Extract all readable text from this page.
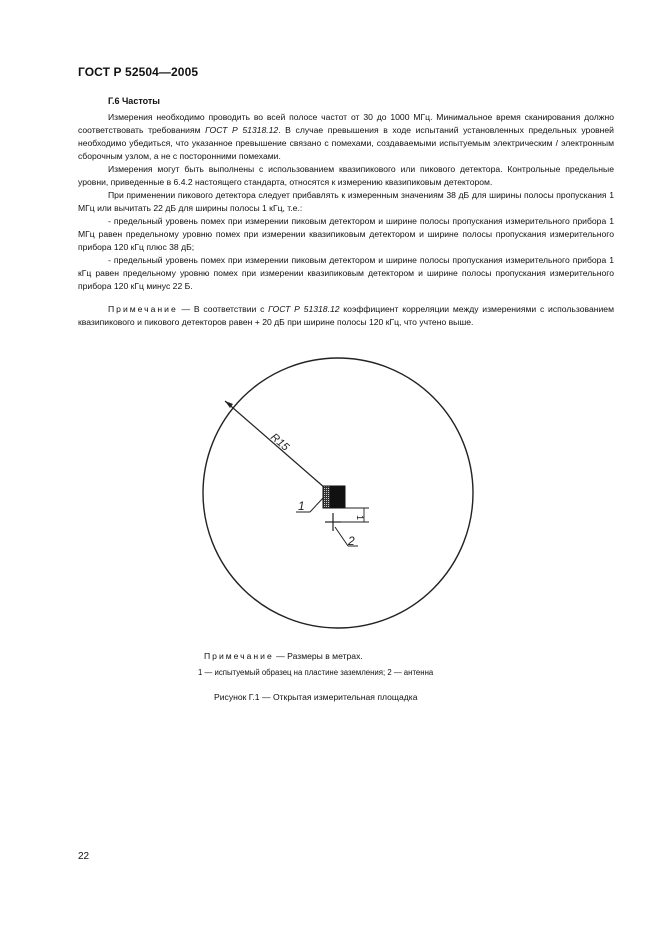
ГОСТ Р 52504—2005
Г.6 Частоты

Измерения необходимо проводить во всей полосе частот от 30 до 1000 МГц. Минимальное время сканирования должно соответствовать требованиям ГОСТ Р 51318.12. В случае превышения в ходе испытаний установленных предельных уровней необходимо убедиться, что указанное превышение связано с помехами, создаваемыми испытуемым электрическим / электронным сборочным узлом, а не с посторонними помехами.

Измерения могут быть выполнены с использованием квазипикового или пикового детектора. Контрольные предельные уровни, приведенные в 6.4.2 настоящего стандарта, относятся к измерению квазипиковым детектором.

При применении пикового детектора следует прибавлять к измеренным значениям 38 дБ для ширины полосы пропускания 1 МГц или вычитать 22 дБ для ширины полосы 1 кГц, т.е.:

- предельный уровень помех при измерении пиковым детектором и ширине полосы пропускания измерительного прибора 1 МГц равен предельному уровню помех при измерении квазипиковым детектором и ширине полосы пропускания измерительного прибора 120 кГц плюс 38 дБ;

- предельный уровень помех при измерении пиковым детектором и ширине полосы пропускания измерительного прибора 1 кГц равен предельному уровню помех при измерении квазипиковым детектором и ширине полосы пропускания измерительного прибора 120 кГц минус 22 Б.

Примечание — В соответствии с ГОСТ Р 51318.12 коэффициент корреляции между измерениями с использованием квазипикового и пикового детекторов равен + 20 дБ при ширине полосы 120 кГц, что учтено выше.

R15
1
1
2
Примечание — Размеры в метрах.
1 — испытуемый образец на пластине заземления; 2 — антенна
Рисунок Г.1 — Открытая измерительная площадка
22
